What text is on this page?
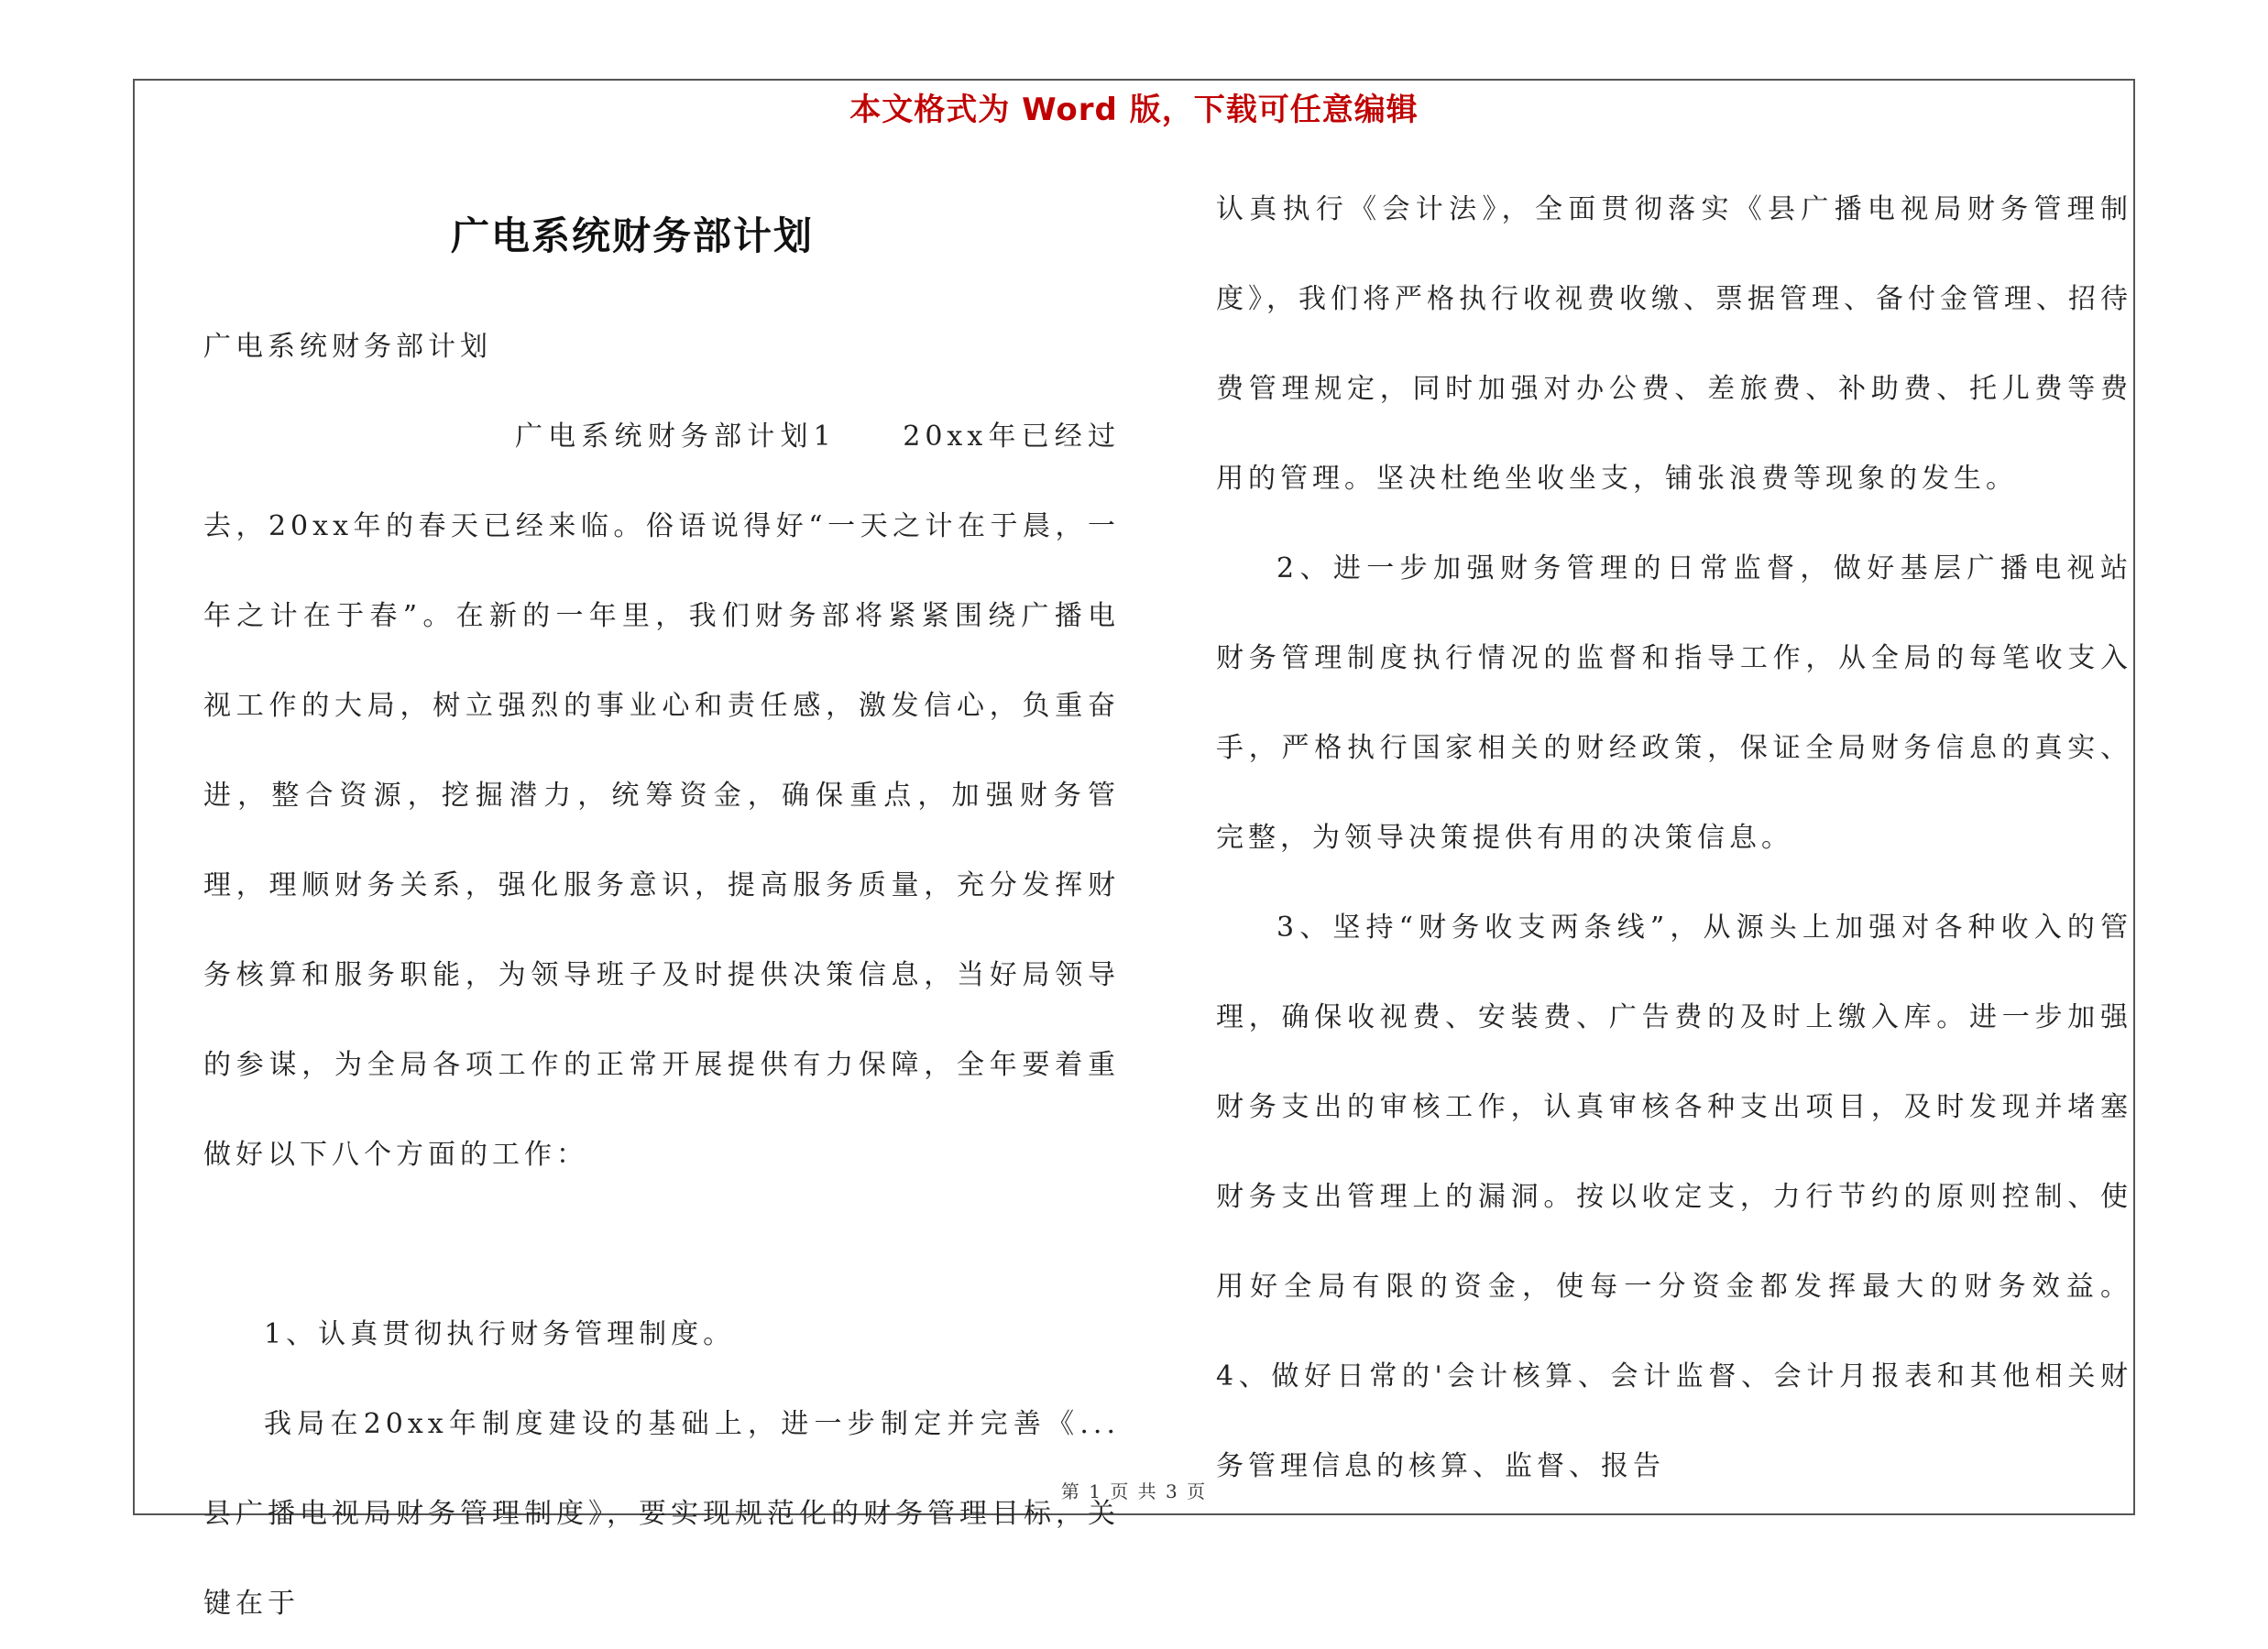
本文格式为 Word 版，下载可任意编辑
广电系统财务部计划

广电系统财务部计划

广电系统财务部计划1　　20xx年已经过去，20xx年的春天已经来临。俗语说得好“一天之计在于晨，一年之计在于春”。在新的一年里，我们财务部将紧紧围绕广播电视工作的大局，树立强烈的事业心和责任感，激发信心，负重奋进，整合资源，挖掘潜力，统筹资金，确保重点，加强财务管理，理顺财务关系，强化服务意识，提高服务质量，充分发挥财务核算和服务职能，为领导班子及时提供决策信息，当好局领导的参谋，为全局各项工作的正常开展提供有力保障，全年要着重做好以下八个方面的工作：

1、认真贯彻执行财务管理制度。

我局在20xx年制度建设的基础上，进一步制定并完善《...县广播电视局财务管理制度》，要实现规范化的财务管理目标，关键在于

认真执行《会计法》，全面贯彻落实《县广播电视局财务管理制度》，我们将严格执行收视费收缴、票据管理、备付金管理、招待费管理规定，同时加强对办公费、差旅费、补助费、托儿费等费用的管理。坚决杜绝坐收坐支，铺张浪费等现象的发生。

2、进一步加强财务管理的日常监督，做好基层广播电视站财务管理制度执行情况的监督和指导工作，从全局的每笔收支入手，严格执行国家相关的财经政策，保证全局财务信息的真实、完整，为领导决策提供有用的决策信息。

3、坚持“财务收支两条线”，从源头上加强对各种收入的管理，确保收视费、安装费、广告费的及时上缴入库。进一步加强财务支出的审核工作，认真审核各种支出项目，及时发现并堵塞财务支出管理上的漏洞。按以收定支，力行节约的原则控制、使用好全局有限的资金，使每一分资金都发挥最大的财务效益。4、做好日常的'会计核算、会计监督、会计月报表和其他相关财务管理信息的核算、监督、报告

第 1 页 共 3 页
